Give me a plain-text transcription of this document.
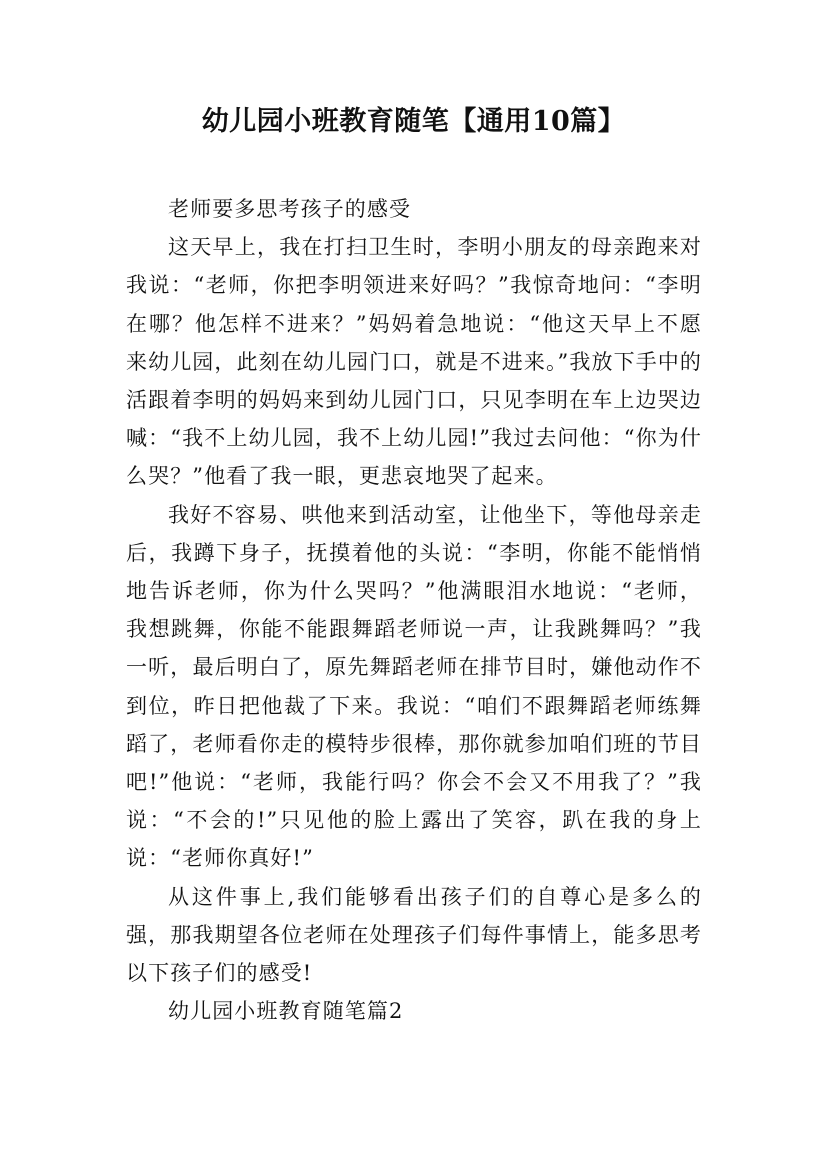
幼儿园小班教育随笔【通用10篇】

老师要多思考孩子的感受

这天早上，我在打扫卫生时，李明小朋友的母亲跑来对我说：“老师，你把李明领进来好吗？”我惊奇地问：“李明在哪？他怎样不进来？”妈妈着急地说：“他这天早上不愿来幼儿园，此刻在幼儿园门口，就是不进来。”我放下手中的活跟着李明的妈妈来到幼儿园门口，只见李明在车上边哭边喊：“我不上幼儿园，我不上幼儿园!”我过去问他：“你为什么哭？”他看了我一眼，更悲哀地哭了起来。

我好不容易、哄他来到活动室，让他坐下，等他母亲走后，我蹲下身子，抚摸着他的头说：“李明，你能不能悄悄地告诉老师，你为什么哭吗？”他满眼泪水地说：“老师，我想跳舞，你能不能跟舞蹈老师说一声，让我跳舞吗？”我一听，最后明白了，原先舞蹈老师在排节目时，嫌他动作不到位，昨日把他裁了下来。我说：“咱们不跟舞蹈老师练舞蹈了，老师看你走的模特步很棒，那你就参加咱们班的节目吧!”他说：“老师，我能行吗？你会不会又不用我了？”我说：“不会的!”只见他的脸上露出了笑容，趴在我的身上说：“老师你真好!”

从这件事上,我们能够看出孩子们的自尊心是多么的强，那我期望各位老师在处理孩子们每件事情上，能多思考以下孩子们的感受!

幼儿园小班教育随笔篇2
